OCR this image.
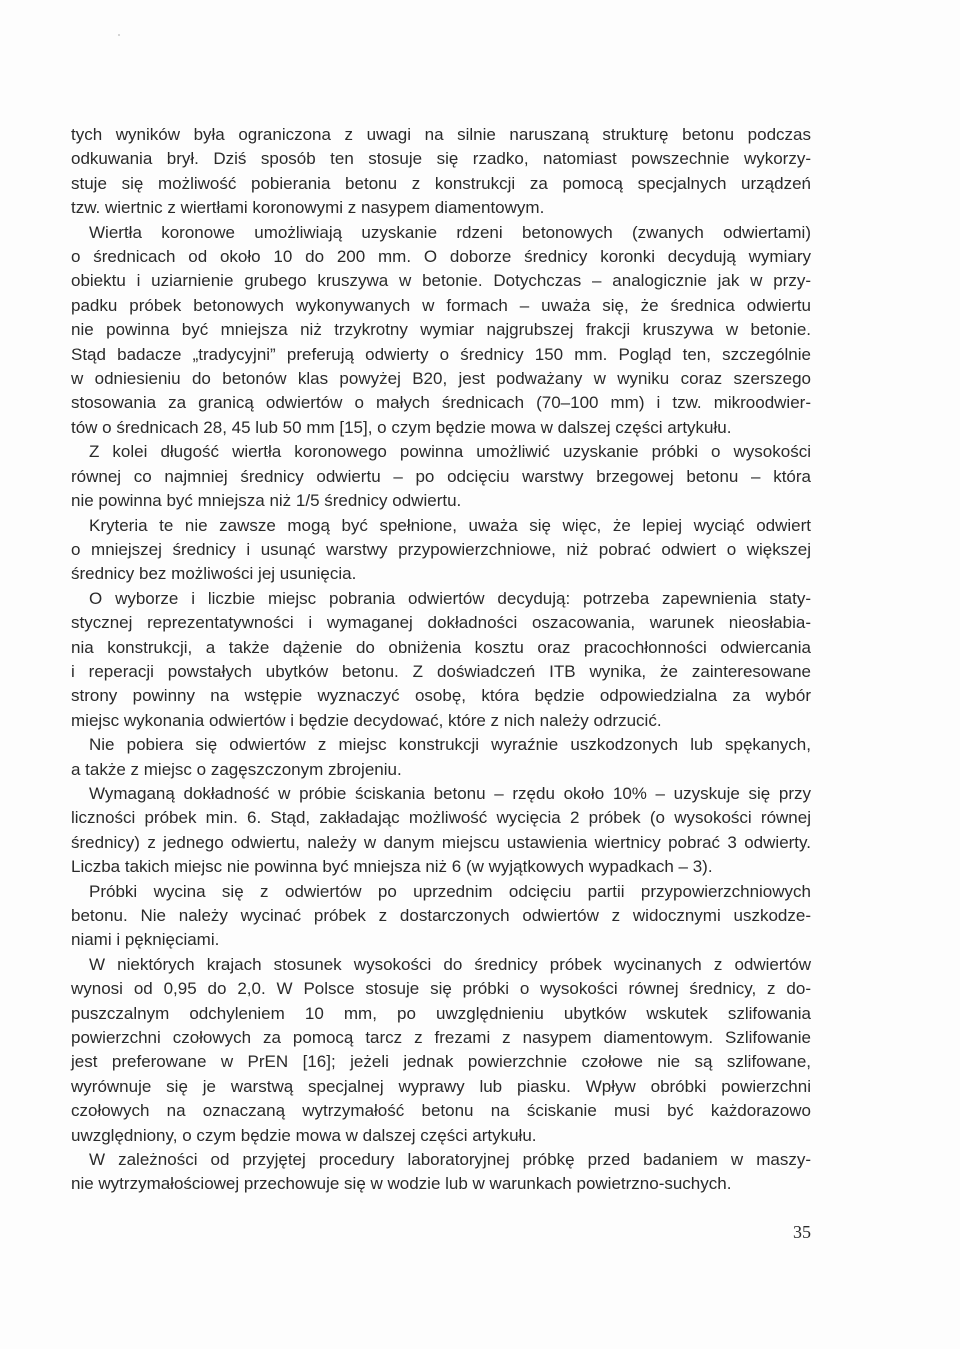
tych wyników była ograniczona z uwagi na silnie naruszaną strukturę betonu podczas
odkuwania brył. Dziś sposób ten stosuje się rzadko, natomiast powszechnie wykorzy-
stuje się możliwość pobierania betonu z konstrukcji za pomocą specjalnych urządzeń
tzw. wiertnic z wiertłami koronowymi z nasypem diamentowym.
Wiertła koronowe umożliwiają uzyskanie rdzeni betonowych (zwanych odwiertami)
o średnicach od około 10 do 200 mm. O doborze średnicy koronki decydują wymiary
obiektu i uziarnienie grubego kruszywa w betonie. Dotychczas – analogicznie jak w przy-
padku próbek betonowych wykonywanych w formach – uważa się, że średnica odwiertu
nie powinna być mniejsza niż trzykrotny wymiar najgrubszej frakcji kruszywa w betonie.
Stąd badacze „tradycyjni” preferują odwierty o średnicy 150 mm. Pogląd ten, szczególnie
w odniesieniu do betonów klas powyżej B20, jest podważany w wyniku coraz szerszego
stosowania za granicą odwiertów o małych średnicach (70–100 mm) i tzw. mikroodwier-
tów o średnicach 28, 45 lub 50 mm [15], o czym będzie mowa w dalszej części artykułu.
Z kolei długość wiertła koronowego powinna umożliwić uzyskanie próbki o wysokości
równej co najmniej średnicy odwiertu – po odcięciu warstwy brzegowej betonu – która
nie powinna być mniejsza niż 1/5 średnicy odwiertu.
Kryteria te nie zawsze mogą być spełnione, uważa się więc, że lepiej wyciąć odwiert
o mniejszej średnicy i usunąć warstwy przypowierzchniowe, niż pobrać odwiert o większej
średnicy bez możliwości jej usunięcia.
O wyborze i liczbie miejsc pobrania odwiertów decydują: potrzeba zapewnienia staty-
stycznej reprezentatywności i wymaganej dokładności oszacowania, warunek nieosłabia-
nia konstrukcji, a także dążenie do obniżenia kosztu oraz pracochłonności odwiercania
i reperacji powstałych ubytków betonu. Z doświadczeń ITB wynika, że zainteresowane
strony powinny na wstępie wyznaczyć osobę, która będzie odpowiedzialna za wybór
miejsc wykonania odwiertów i będzie decydować, które z nich należy odrzucić.
Nie pobiera się odwiertów z miejsc konstrukcji wyraźnie uszkodzonych lub spękanych,
a także z miejsc o zagęszczonym zbrojeniu.
Wymaganą dokładność w próbie ściskania betonu – rzędu około 10% – uzyskuje się przy
liczności próbek min. 6. Stąd, zakładając możliwość wycięcia 2 próbek (o wysokości równej
średnicy) z jednego odwiertu, należy w danym miejscu ustawienia wiertnicy pobrać 3 odwierty.
Liczba takich miejsc nie powinna być mniejsza niż 6 (w wyjątkowych wypadkach – 3).
Próbki wycina się z odwiertów po uprzednim odcięciu partii przypowierzchniowych
betonu. Nie należy wycinać próbek z dostarczonych odwiertów z widocznymi uszkodze-
niami i pęknięciami.
W niektórych krajach stosunek wysokości do średnicy próbek wycinanych z odwiertów
wynosi od 0,95 do 2,0. W Polsce stosuje się próbki o wysokości równej średnicy, z do-
puszczalnym odchyleniem 10 mm, po uwzględnieniu ubytków wskutek szlifowania
powierzchni czołowych za pomocą tarcz z frezami z nasypem diamentowym. Szlifowanie
jest preferowane w PrEN [16]; jeżeli jednak powierzchnie czołowe nie są szlifowane,
wyrównuje się je warstwą specjalnej wyprawy lub piasku. Wpływ obróbki powierzchni
czołowych na oznaczaną wytrzymałość betonu na ściskanie musi być każdorazowo
uwzględniony, o czym będzie mowa w dalszej części artykułu.
W zależności od przyjętej procedury laboratoryjnej próbkę przed badaniem w maszy-
nie wytrzymałościowej przechowuje się w wodzie lub w warunkach powietrzno-suchych.
35
